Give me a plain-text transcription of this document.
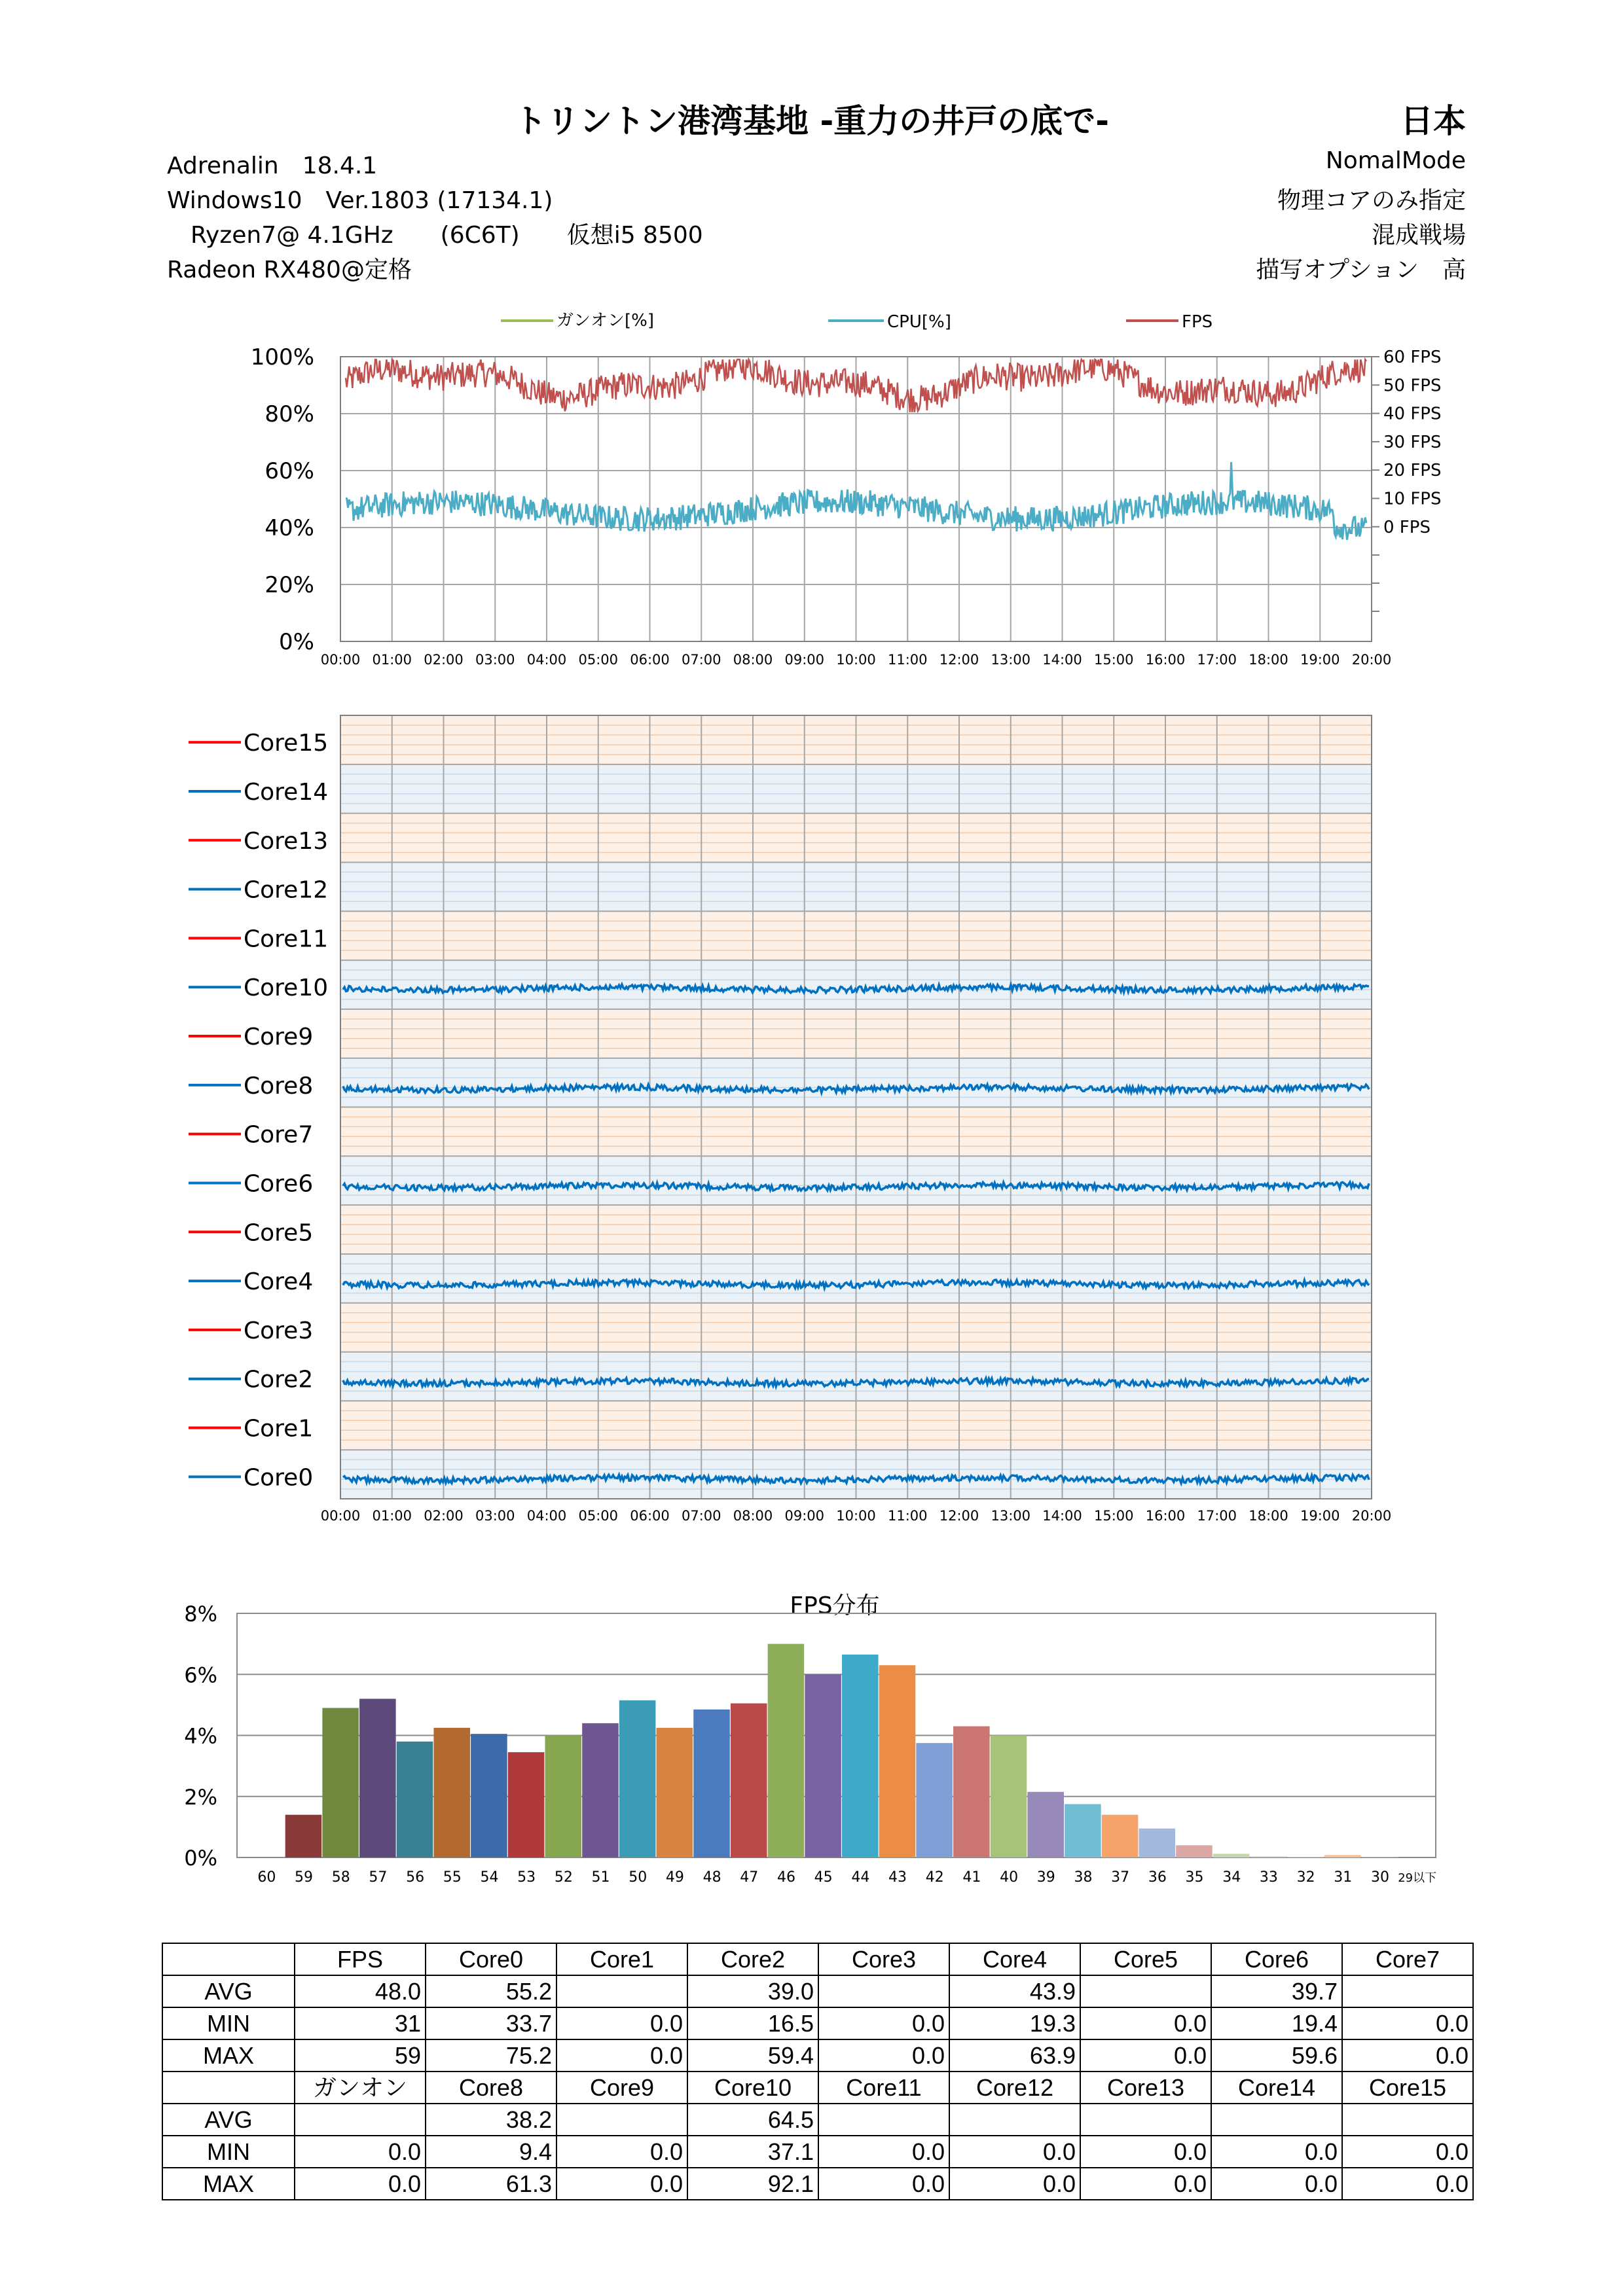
トリントン港湾基地 -重力の井戸の底で-	日本
Adrenalin　18.4.1
Windows10　Ver.1803 (17134.1)
　Ryzen7@ 4.1GHz　　(6C6T)　　仮想i5 8500
Radeon RX480@定格
NomalMode
物理コアのみ指定
混成戦場
描写オプション　高
ガンオン[%]	CPU[%]	FPS
100%
80%
60%
40%
20%
0%
60 FPS
50 FPS
40 FPS
30 FPS
20 FPS
10 FPS
0 FPS
00:00 01:00 02:00 03:00 04:00 05:00 06:00 07:00 08:00 09:00 10:00 11:00 12:00 13:00 14:00 15:00 16:00 17:00 18:00 19:00 20:00
Core15
Core14
Core13
Core12
Core11
Core10
Core9
Core8
Core7
Core6
Core5
Core4
Core3
Core2
Core1
Core0
00:00 01:00 02:00 03:00 04:00 05:00 06:00 07:00 08:00 09:00 10:00 11:00 12:00 13:00 14:00 15:00 16:00 17:00 18:00 19:00 20:00
FPS分布
8%
6%
4%
2%
0%
60 59 58 57 56 55 54 53 52 51 50 49 48 47 46 45 44 43 42 41 40 39 38 37 36 35 34 33 32 31 30 29以下
	FPS	Core0	Core1	Core2	Core3	Core4	Core5	Core6	Core7
AVG	48.0	55.2		39.0		43.9		39.7	
MIN	31	33.7	0.0	16.5	0.0	19.3	0.0	19.4	0.0
MAX	59	75.2	0.0	59.4	0.0	63.9	0.0	59.6	0.0
	ガンオン	Core8	Core9	Core10	Core11	Core12	Core13	Core14	Core15
AVG		38.2		64.5					
MIN	0.0	9.4	0.0	37.1	0.0	0.0	0.0	0.0	0.0
MAX	0.0	61.3	0.0	92.1	0.0	0.0	0.0	0.0	0.0
